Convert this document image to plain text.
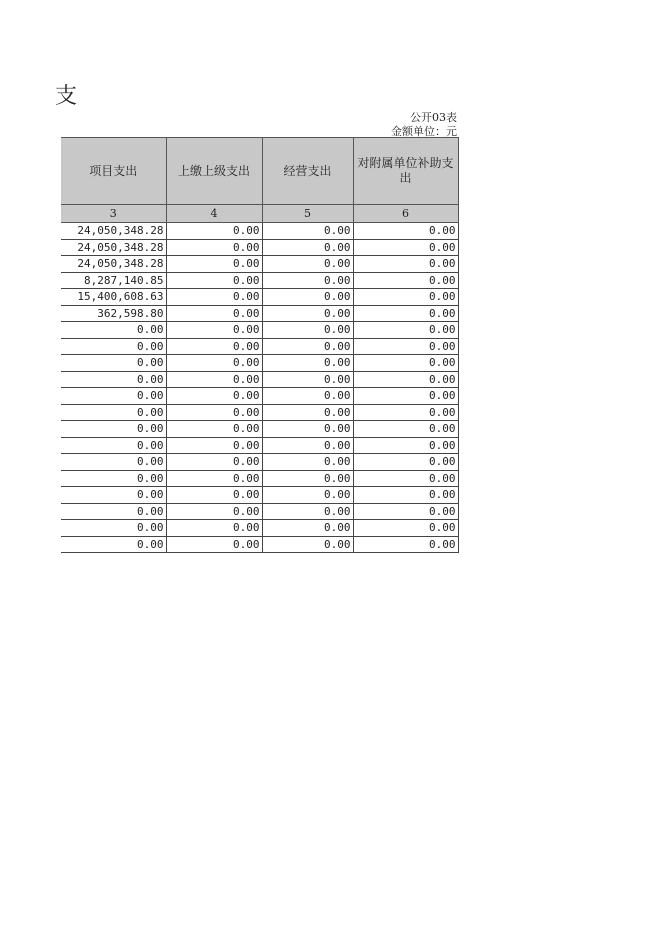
支
公开03表
金额单位：元
项目支出	上缴上级支出	经营支出	对附属单位补助支出
3	4	5	6
24,050,348.28	0.00	0.00	0.00
24,050,348.28	0.00	0.00	0.00
24,050,348.28	0.00	0.00	0.00
8,287,140.85	0.00	0.00	0.00
15,400,608.63	0.00	0.00	0.00
362,598.80	0.00	0.00	0.00
0.00	0.00	0.00	0.00
0.00	0.00	0.00	0.00
0.00	0.00	0.00	0.00
0.00	0.00	0.00	0.00
0.00	0.00	0.00	0.00
0.00	0.00	0.00	0.00
0.00	0.00	0.00	0.00
0.00	0.00	0.00	0.00
0.00	0.00	0.00	0.00
0.00	0.00	0.00	0.00
0.00	0.00	0.00	0.00
0.00	0.00	0.00	0.00
0.00	0.00	0.00	0.00
0.00	0.00	0.00	0.00
